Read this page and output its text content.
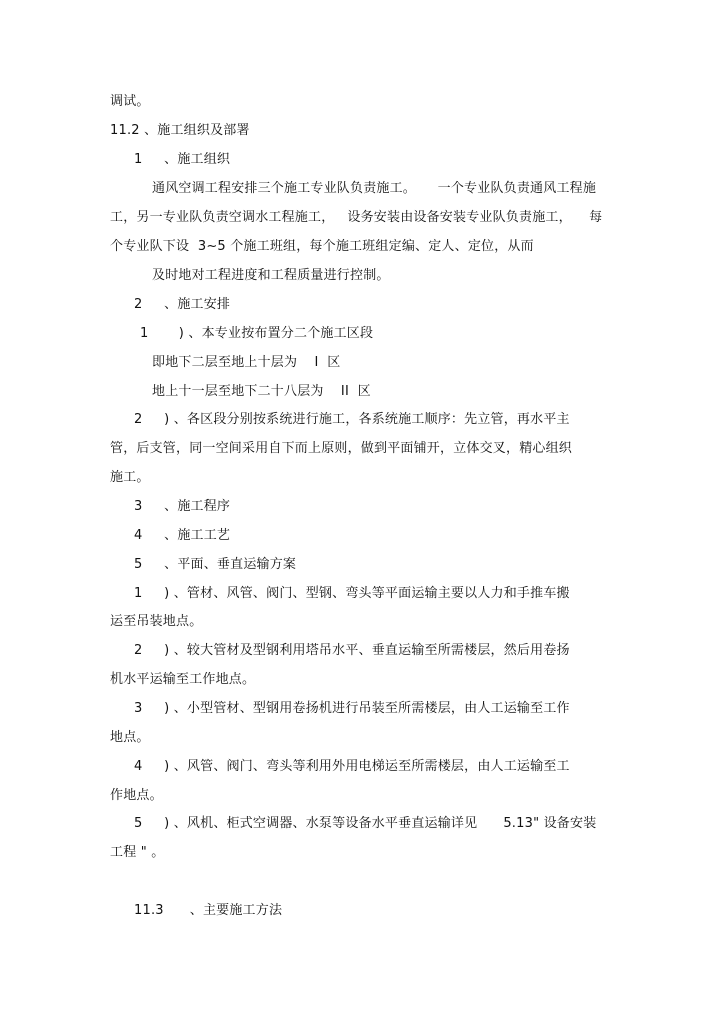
调试。
11.2 、施工组织及部署
1     、施工组织
通风空调工程安排三个施工专业队负责施工。     一个专业队负责通风工程施
工，另一专业队负责空调水工程施工，   设务安装由设备安装专业队负责施工，    每
个专业队下设  3~5 个施工班组，每个施工班组定编、定人、定位，从而
及时地对工程进度和工程质量进行控制。
2     、施工安排
1       ) 、本专业按布置分二个施工区段
即地下二层至地上十层为    I  区
地上十一层至地下二十八层为    II  区
2     ) 、各区段分别按系统进行施工，各系统施工顺序：先立管，再水平主
管，后支管，同一空间采用自下而上原则，做到平面铺开，立体交叉，精心组织
施工。
3     、施工程序
4     、施工工艺
5     、平面、垂直运输方案
1     ) 、管材、风管、阀门、型钢、弯头等平面运输主要以人力和手推车搬
运至吊装地点。
2     ) 、较大管材及型钢利用塔吊水平、垂直运输至所需楼层，然后用卷扬
机水平运输至工作地点。
3     ) 、小型管材、型钢用卷扬机进行吊装至所需楼层，由人工运输至工作
地点。
4     ) 、风管、阀门、弯头等利用外用电梯运至所需楼层，由人工运输至工
作地点。
5     ) 、风机、柜式空调器、水泵等设备水平垂直运输详见      5.13" 设备安装
工程 " 。
11.3      、主要施工方法
